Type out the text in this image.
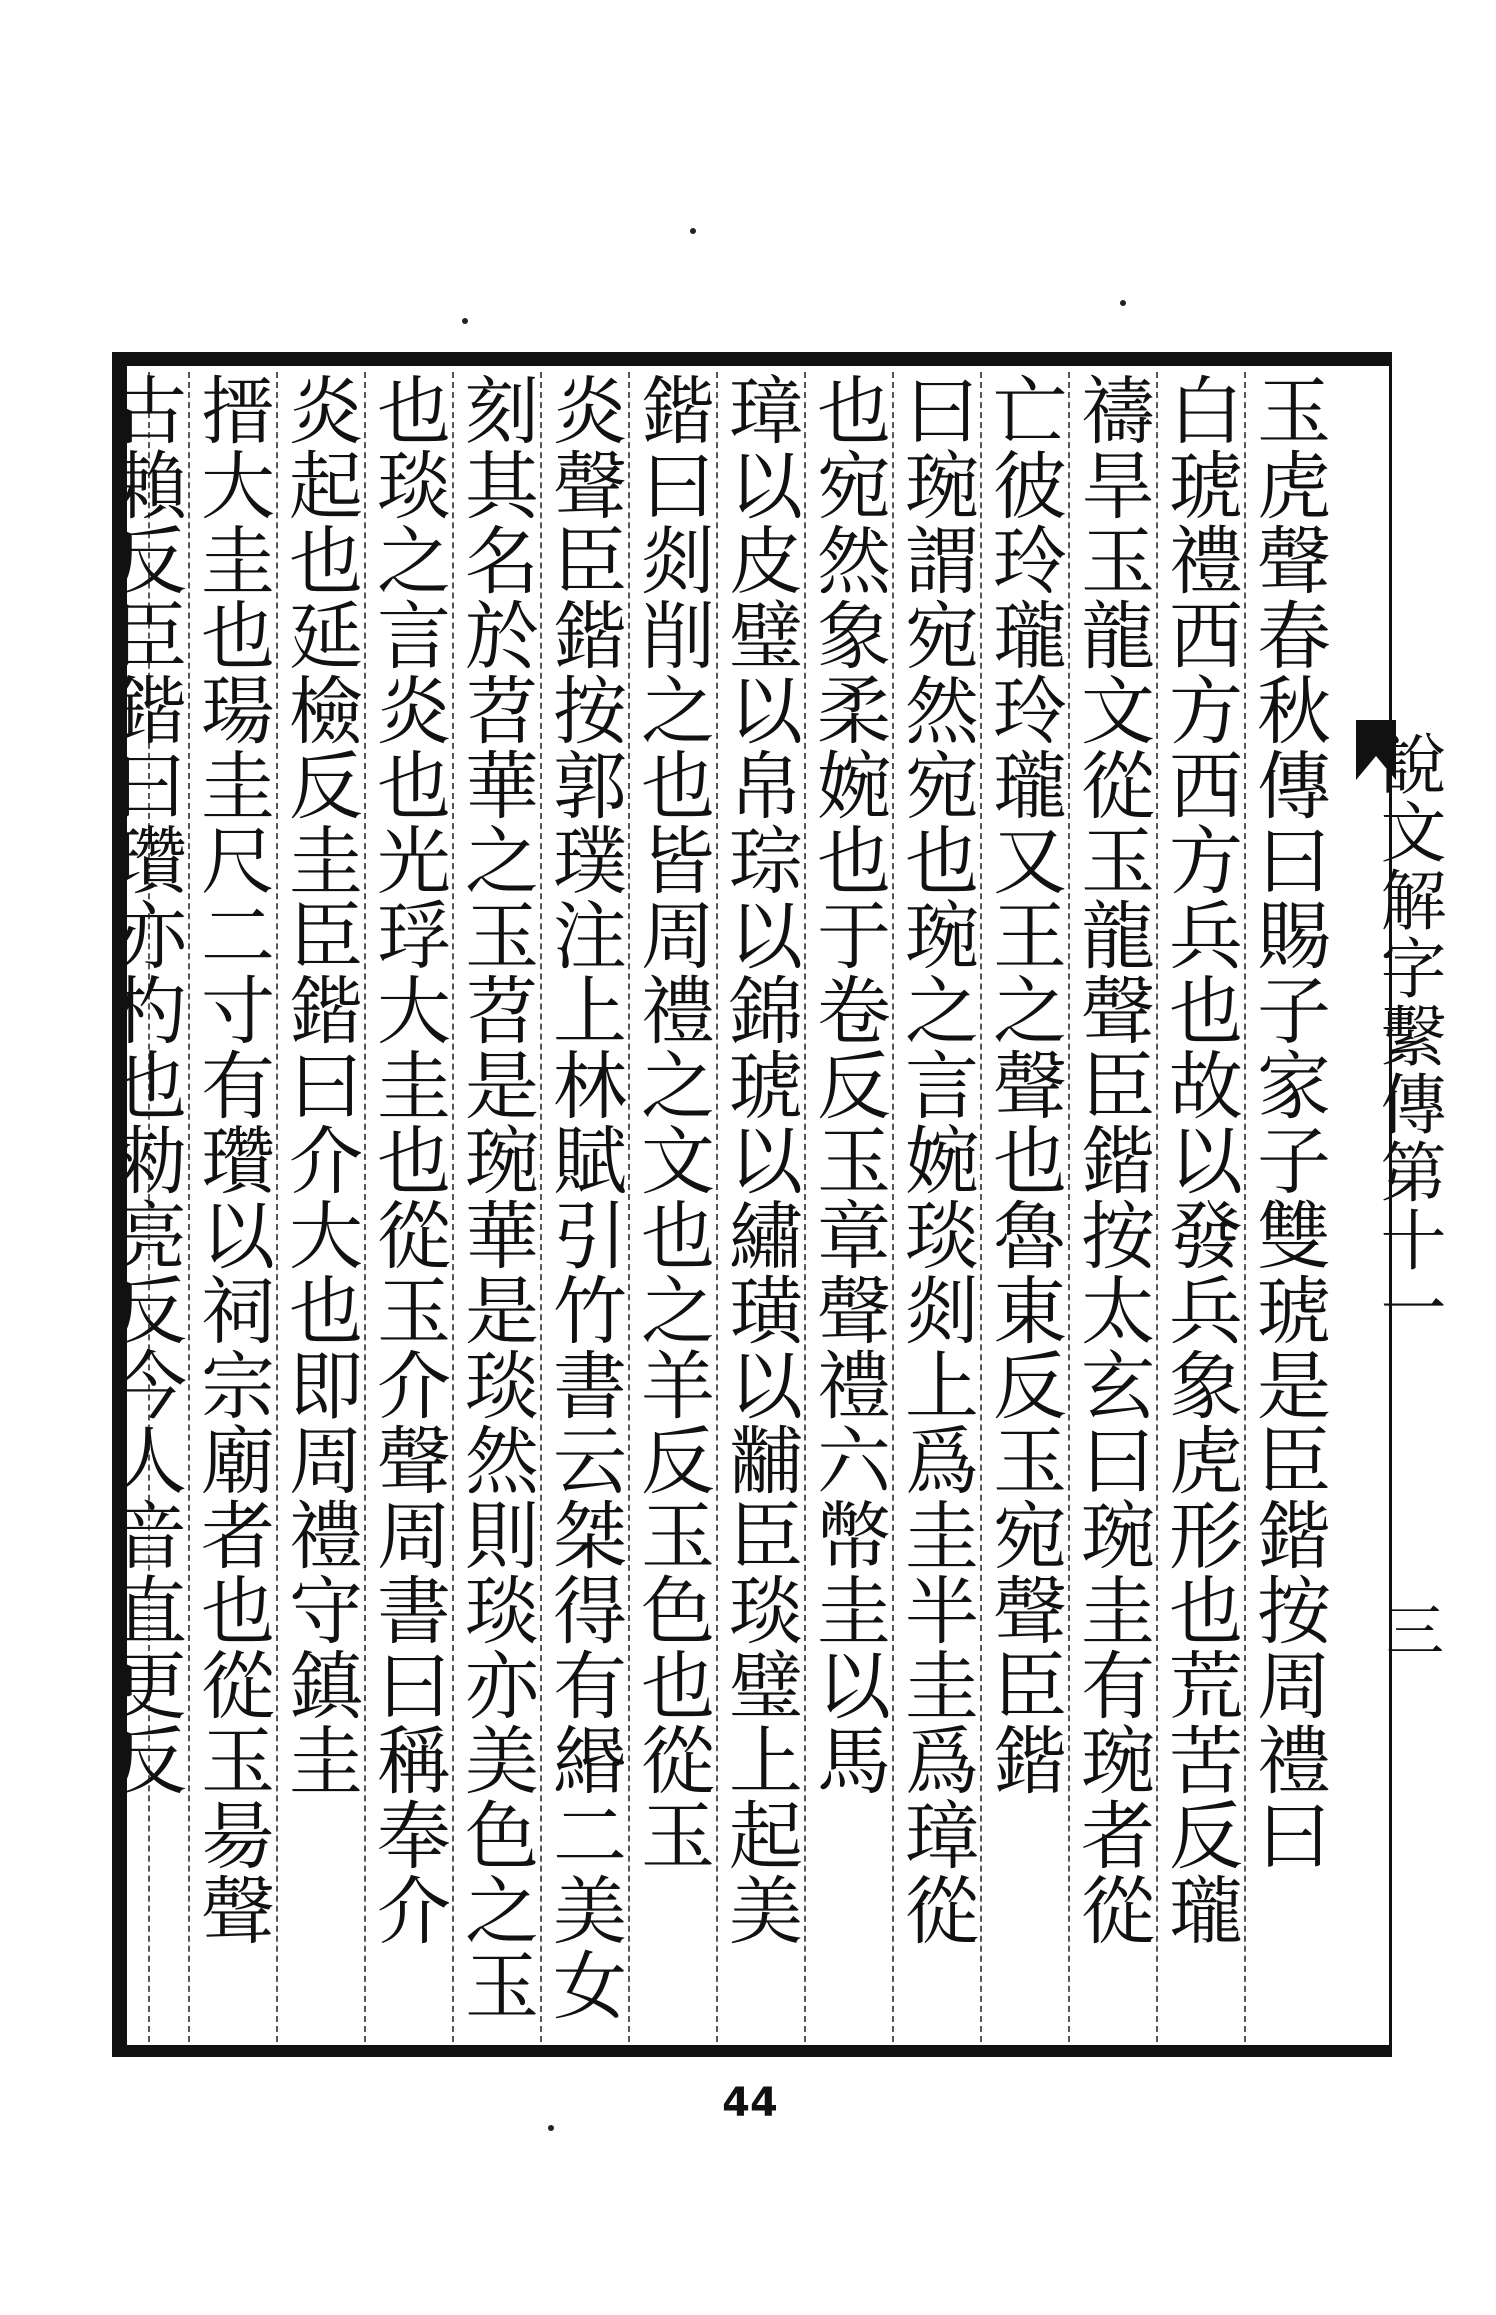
玉虎聲春秋傳曰賜子家子雙琥是臣鍇按周禮曰
白琥禮西方西方兵也故以發兵象虎形也荒苦反瓏
禱旱玉龍文從玉龍聲臣鍇按太玄曰琬圭有琬者從
亡彼玲瓏玲瓏又王之聲也魯東反玉宛聲臣鍇
曰琬謂宛然宛也琬之言婉琰剡上爲圭半圭爲璋從
也宛然象柔婉也于卷反玉章聲禮六幣圭以馬
璋以皮璧以帛琮以錦琥以繡璜以黼臣琰璧上起美
鍇曰剡削之也皆周禮之文也之羊反玉色也從玉
炎聲臣鍇按郭璞注上林賦引竹書云桀得有緡二美女
刻其名於苕華之玉苕是琬華是琰然則琰亦美色之玉
也琰之言炎也光琈大圭也從玉介聲周書曰稱奉介
炎起也延檢反圭臣鍇曰介大也即周禮守鎮圭
搢大圭也瑒圭尺二寸有瓚以祠宗廟者也從玉昜聲
古賴反臣鍇曰瓚亦杓也勑亮反今人音直更反	說文解字繫傳第十一
三
44
